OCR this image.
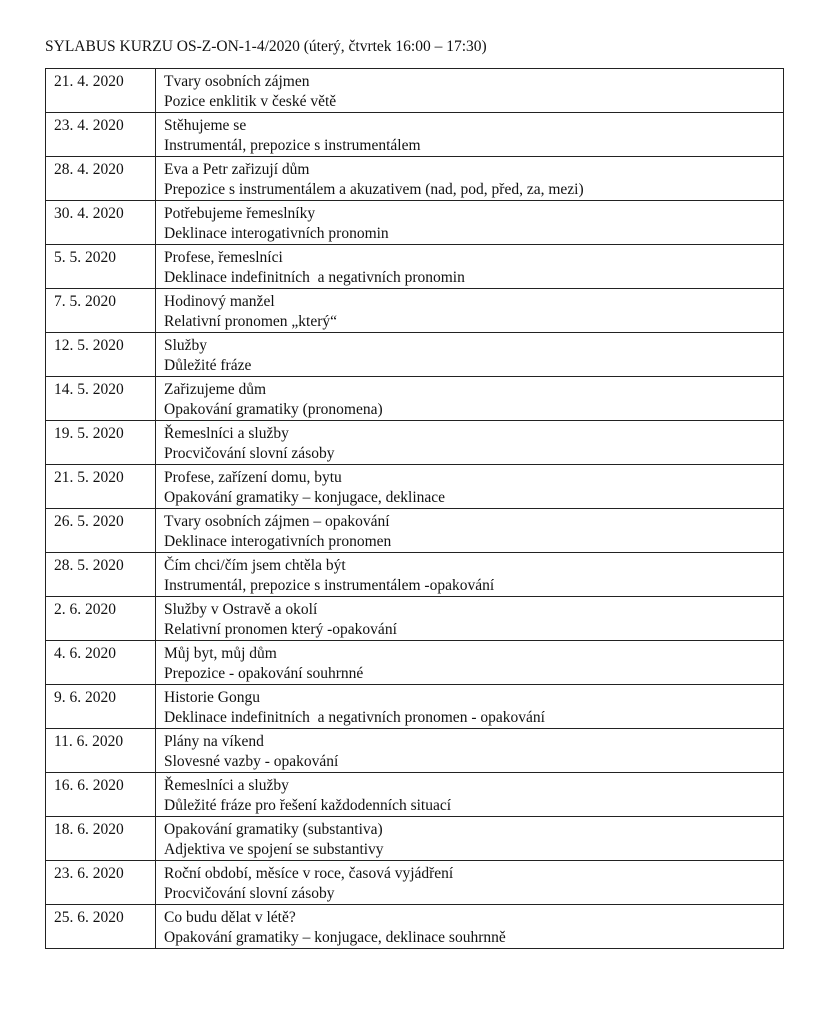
SYLABUS KURZU OS-Z-ON-1-4/2020 (úterý, čtvrtek 16:00 – 17:30)
21. 4. 2020	Tvary osobních zájmen
Pozice enklitik v české větě

23. 4. 2020	Stěhujeme se
Instrumentál, prepozice s instrumentálem

28. 4. 2020	Eva a Petr zařizují dům
Prepozice s instrumentálem a akuzativem (nad, pod, před, za, mezi)

30. 4. 2020	Potřebujeme řemeslníky
Deklinace interogativních pronomin

5. 5. 2020	Profese, řemeslníci
Deklinace indefinitních  a negativních pronomin

7. 5. 2020	Hodinový manžel
Relativní pronomen „který“

12. 5. 2020	Služby
Důležité fráze

14. 5. 2020	Zařizujeme dům
Opakování gramatiky (pronomena)

19. 5. 2020	Řemeslníci a služby
Procvičování slovní zásoby

21. 5. 2020	Profese, zařízení domu, bytu
Opakování gramatiky – konjugace, deklinace

26. 5. 2020	Tvary osobních zájmen – opakování
Deklinace interogativních pronomen

28. 5. 2020	Čím chci/čím jsem chtěla být
Instrumentál, prepozice s instrumentálem -opakování

2. 6. 2020	Služby v Ostravě a okolí
Relativní pronomen který -opakování

4. 6. 2020	Můj byt, můj dům
Prepozice - opakování souhrnné

9. 6. 2020	Historie Gongu
Deklinace indefinitních  a negativních pronomen - opakování

11. 6. 2020	Plány na víkend
Slovesné vazby - opakování

16. 6. 2020	Řemeslníci a služby
Důležité fráze pro řešení každodenních situací

18. 6. 2020	Opakování gramatiky (substantiva)
Adjektiva ve spojení se substantivy

23. 6. 2020	Roční období, měsíce v roce, časová vyjádření
Procvičování slovní zásoby

25. 6. 2020	Co budu dělat v létě?
Opakování gramatiky – konjugace, deklinace souhrnně
